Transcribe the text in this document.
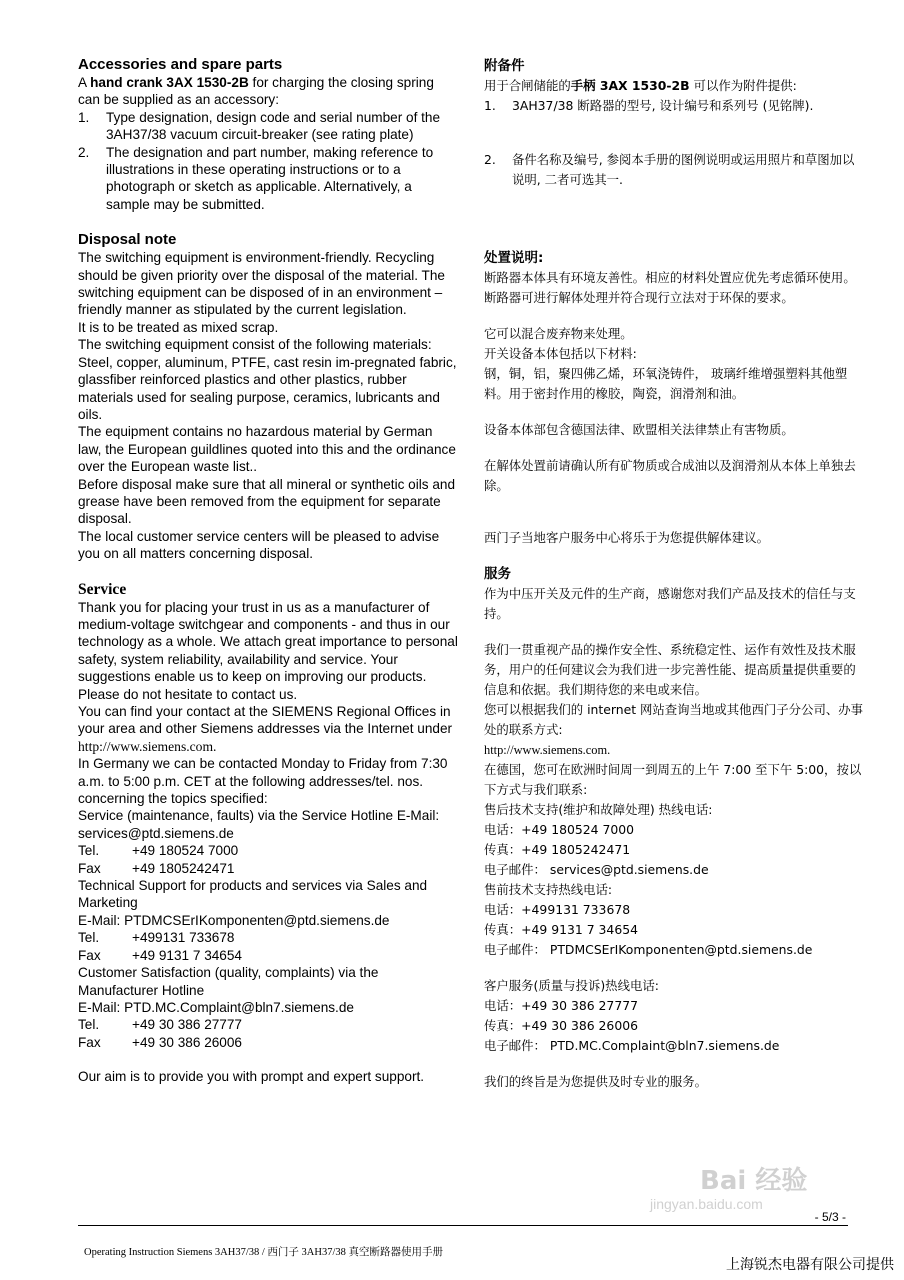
Accessories and spare parts

A hand crank 3AX 1530-2B for charging the closing spring can be supplied as an accessory:

1. Type designation, design code and serial number of the 3AH37/38 vacuum circuit-breaker (see rating plate)
2. The designation and part number, making reference to illustrations in these operating instructions or to a photograph or sketch as applicable. Alternatively, a sample may be submitted.
Disposal note

The switching equipment is environment-friendly. Recycling should be given priority over the disposal of the material. The switching equipment can be disposed of in an environment –friendly manner as stipulated by the current legislation.

It is to be treated as mixed scrap.

The switching equipment consist of the following materials:

Steel, copper, aluminum, PTFE, cast resin im-pregnated fabric, glassfiber reinforced plastics and other plastics, rubber materials used for sealing purpose, ceramics, lubricants and oils.

The equipment contains no hazardous material by German law, the European guildlines quoted into this and the ordinance over the European waste list..

Before disposal make sure that all mineral or synthetic oils and grease have been removed from the equipment for separate disposal.

The local customer service centers will be pleased to advise you on all matters concerning disposal.

Service

Thank you for placing your trust in us as a manufacturer of medium-voltage switchgear and components - and thus in our technology as a whole. We attach great importance to personal safety, system reliability, availability and service. Your suggestions enable us to keep on improving our products. Please do not hesitate to contact us.

You can find your contact at the SIEMENS Regional Offices in your area and other Siemens addresses via the Internet under

http://www.siemens.com.

In Germany we can be contacted Monday to Friday from 7:30 a.m. to 5:00 p.m. CET at the following addresses/tel. nos. concerning the topics specified:

Service (maintenance, faults) via the Service Hotline E-Mail: services@ptd.siemens.de

Tel. +49 180524 7000

Fax +49 1805242471

Technical Support for products and services via Sales and Marketing

E-Mail: PTDMCSErIKomponenten@ptd.siemens.de

Tel. +499131 733678

Fax +49 9131 7 34654

Customer Satisfaction (quality, complaints) via the Manufacturer Hotline

E-Mail: PTD.MC.Complaint@bln7.siemens.de

Tel. +49 30 386 27777

Fax +49 30 386 26006

Our aim is to provide you with prompt and expert support.

附备件

用于合闸储能的手柄 3AX 1530-2B 可以作为附件提供:

1. 3AH37/38 断路器的型号, 设计编号和系列号 (见铭牌).
2. 备件名称及编号, 参阅本手册的图例说明或运用照片和草图加以说明, 二者可选其一.
处置说明:

断路器本体具有环境友善性。相应的材料处置应优先考虑循环使用。断路器可进行解体处理并符合现行立法对于环保的要求。

它可以混合废弃物来处理。

开关设备本体包括以下材料:

钢，铜，铝，聚四佛乙烯，环氧浇铸件， 玻璃纤维增强塑料其他塑料。用于密封作用的橡胶，陶瓷，润滑剂和油。

设备本体部包含德国法律、欧盟相关法律禁止有害物质。

在解体处置前请确认所有矿物质或合成油以及润滑剂从本体上单独去除。

西门子当地客户服务中心将乐于为您提供解体建议。

服务

作为中压开关及元件的生产商，感谢您对我们产品及技术的信任与支持。

我们一贯重视产品的操作安全性、系统稳定性、运作有效性及技术服务，用户的任何建议会为我们进一步完善性能、提高质量提供重要的信息和依据。我们期待您的来电或来信。

您可以根据我们的 internet 网站查询当地或其他西门子分公司、办事处的联系方式:

http://www.siemens.com.

在德国，您可在欧洲时间周一到周五的上午 7:00 至下午 5:00，按以下方式与我们联系:

售后技术支持(维护和故障处理) 热线电话:

电话：+49 180524 7000

传真：+49 1805242471

电子邮件： services@ptd.siemens.de

售前技术支持热线电话:

电话：+499131 733678

传真：+49 9131 7 34654

电子邮件： PTDMCSErIKomponenten@ptd.siemens.de

客户服务(质量与投诉)热线电话:

电话：+49 30 386 27777

传真：+49 30 386 26006

电子邮件： PTD.MC.Complaint@bln7.siemens.de

我们的终旨是为您提供及时专业的服务。

Bai 经验
jingyan.baidu.com
- 5/3 -
Operating Instruction Siemens 3AH37/38 / 西门子 3AH37/38 真空断路器使用手册
上海锐杰电器有限公司提供
